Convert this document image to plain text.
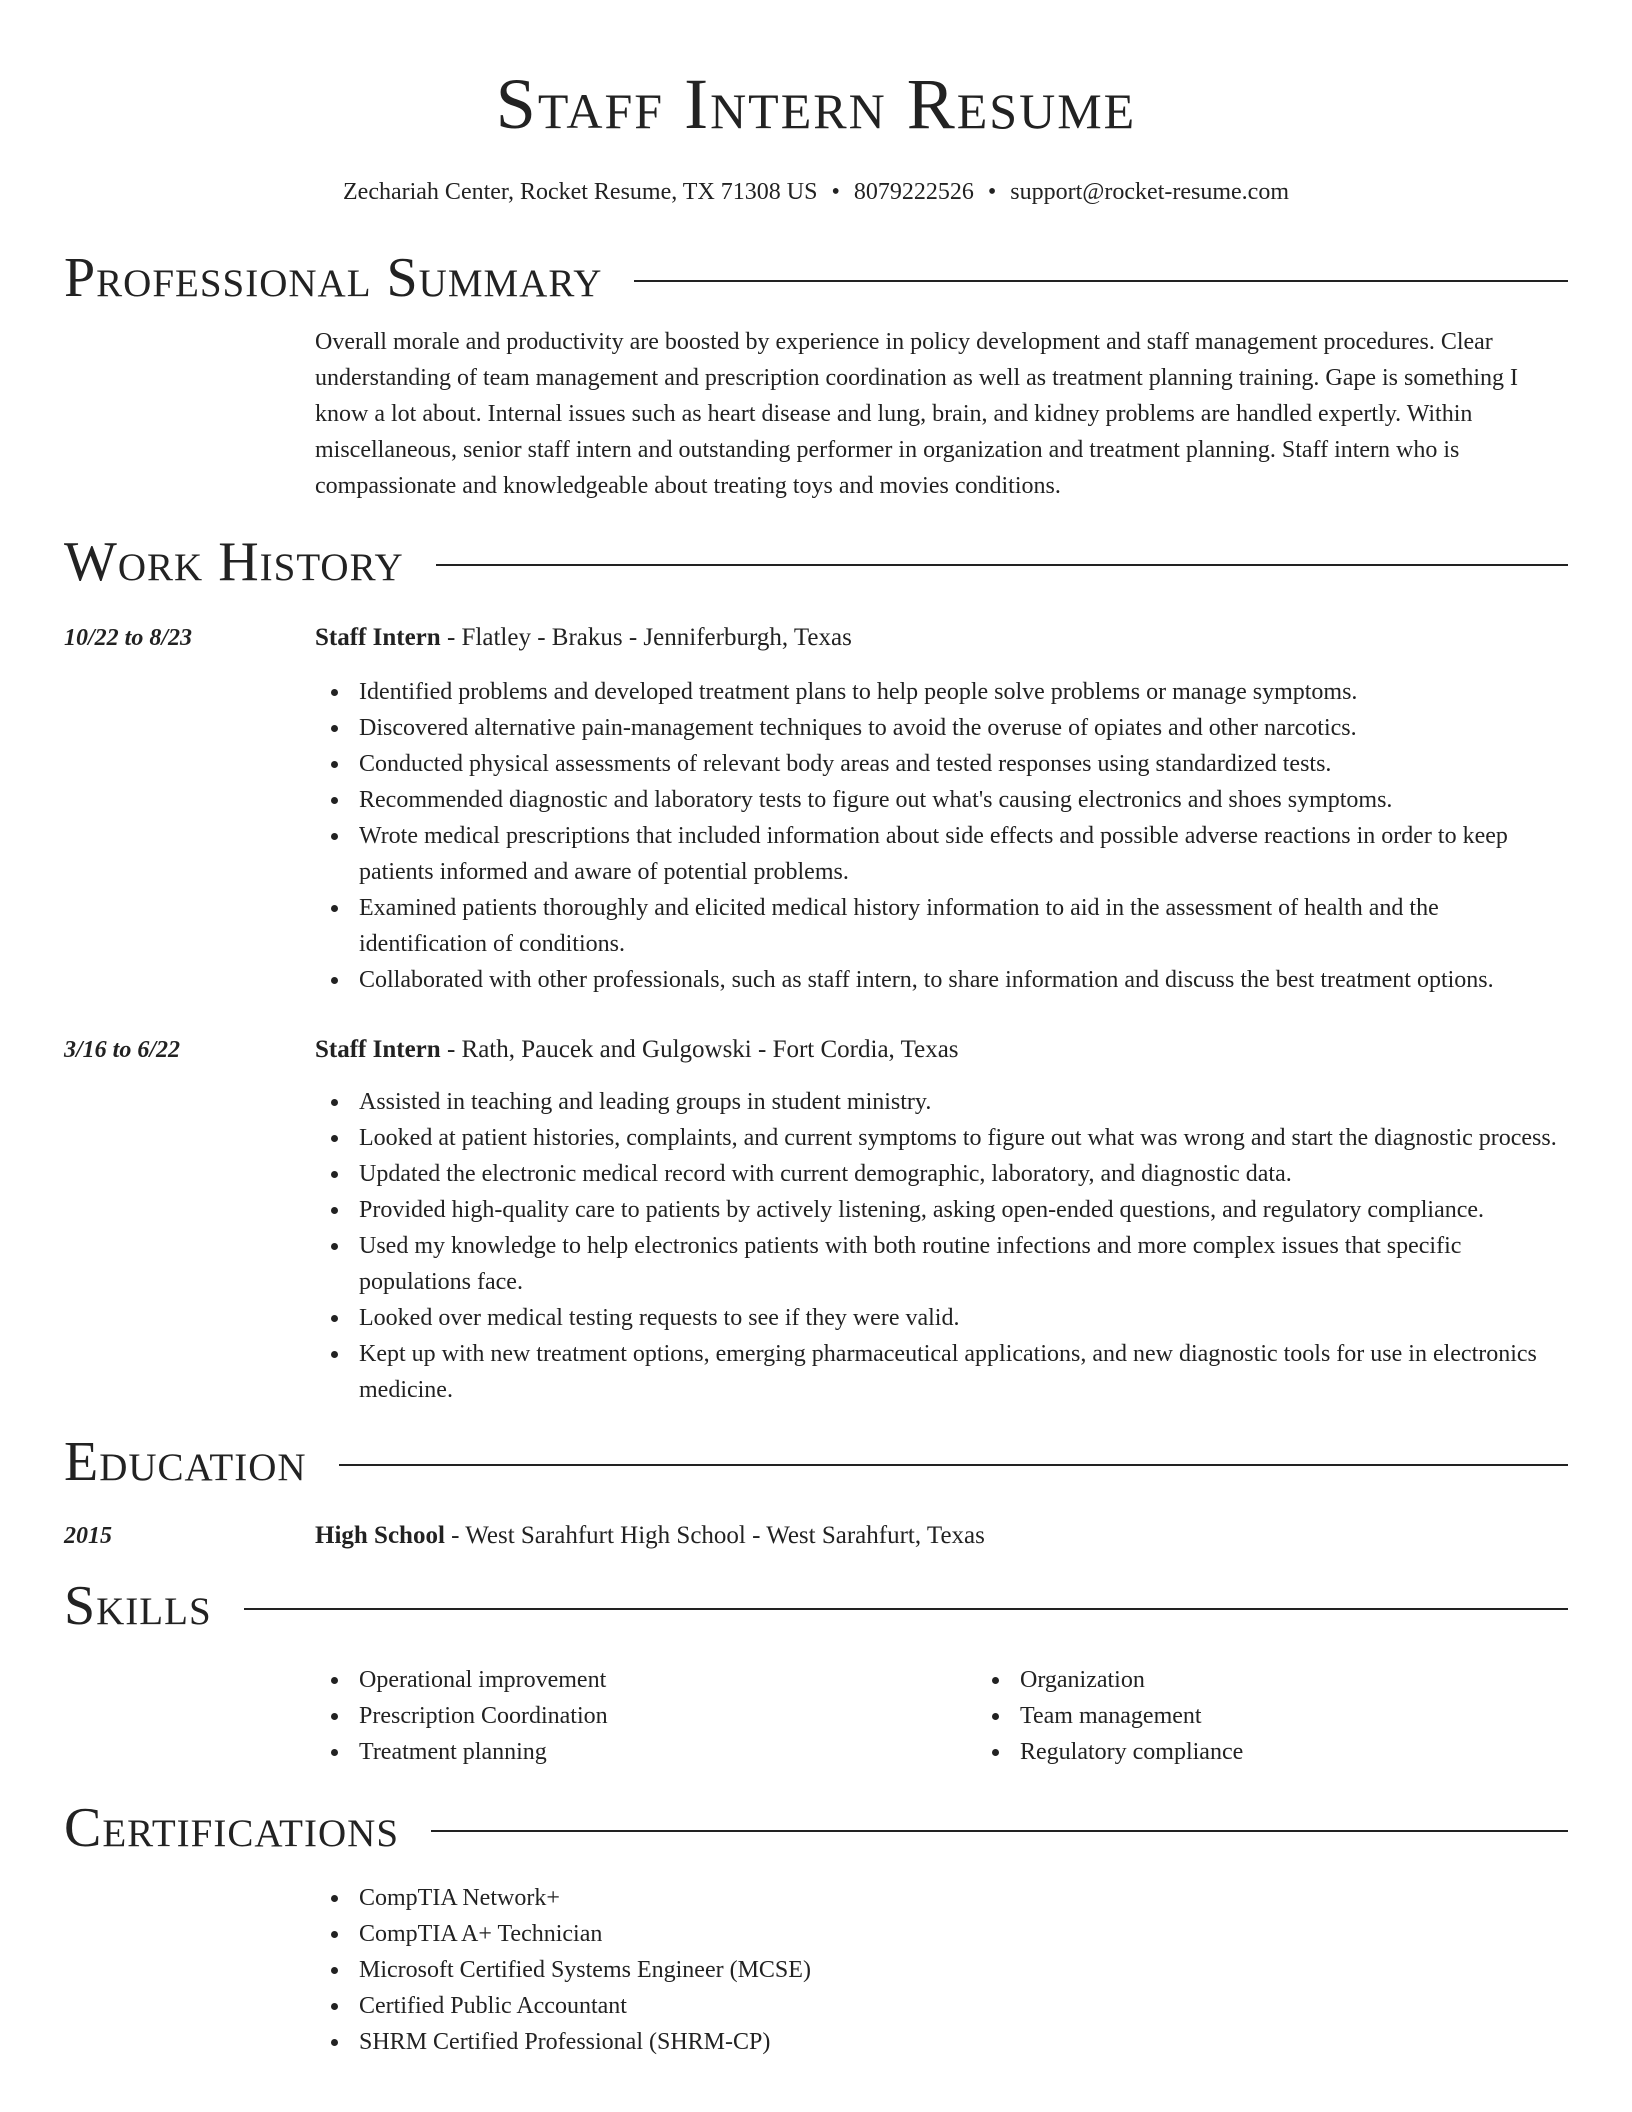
Staff Intern Resume
Zechariah Center, Rocket Resume, TX 71308 US • 8079222526 • support@rocket-resume.com
Professional Summary

Overall morale and productivity are boosted by experience in policy development and staff management procedures. Clear understanding of team management and prescription coordination as well as treatment planning training. Gape is something I know a lot about. Internal issues such as heart disease and lung, brain, and kidney problems are handled expertly. Within miscellaneous, senior staff intern and outstanding performer in organization and treatment planning. Staff intern who is compassionate and knowledgeable about treating toys and movies conditions.

Work History
10/22 to 8/23	Staff Intern - Flatley - Brakus - Jenniferburgh, Texas
Identified problems and developed treatment plans to help people solve problems or manage symptoms.
Discovered alternative pain-management techniques to avoid the overuse of opiates and other narcotics.
Conducted physical assessments of relevant body areas and tested responses using standardized tests.
Recommended diagnostic and laboratory tests to figure out what's causing electronics and shoes symptoms.
Wrote medical prescriptions that included information about side effects and possible adverse reactions in order to keep patients informed and aware of potential problems.
Examined patients thoroughly and elicited medical history information to aid in the assessment of health and the identification of conditions.
Collaborated with other professionals, such as staff intern, to share information and discuss the best treatment options.
3/16 to 6/22	Staff Intern - Rath, Paucek and Gulgowski - Fort Cordia, Texas
Assisted in teaching and leading groups in student ministry.
Looked at patient histories, complaints, and current symptoms to figure out what was wrong and start the diagnostic process.
Updated the electronic medical record with current demographic, laboratory, and diagnostic data.
Provided high-quality care to patients by actively listening, asking open-ended questions, and regulatory compliance.
Used my knowledge to help electronics patients with both routine infections and more complex issues that specific populations face.
Looked over medical testing requests to see if they were valid.
Kept up with new treatment options, emerging pharmaceutical applications, and new diagnostic tools for use in electronics medicine.
Education
2015	High School - West Sarahfurt High School - West Sarahfurt, Texas
Skills
Operational improvement
Prescription Coordination
Treatment planning
Organization
Team management
Regulatory compliance
Certifications
CompTIA Network+
CompTIA A+ Technician
Microsoft Certified Systems Engineer (MCSE)
Certified Public Accountant
SHRM Certified Professional (SHRM-CP)
